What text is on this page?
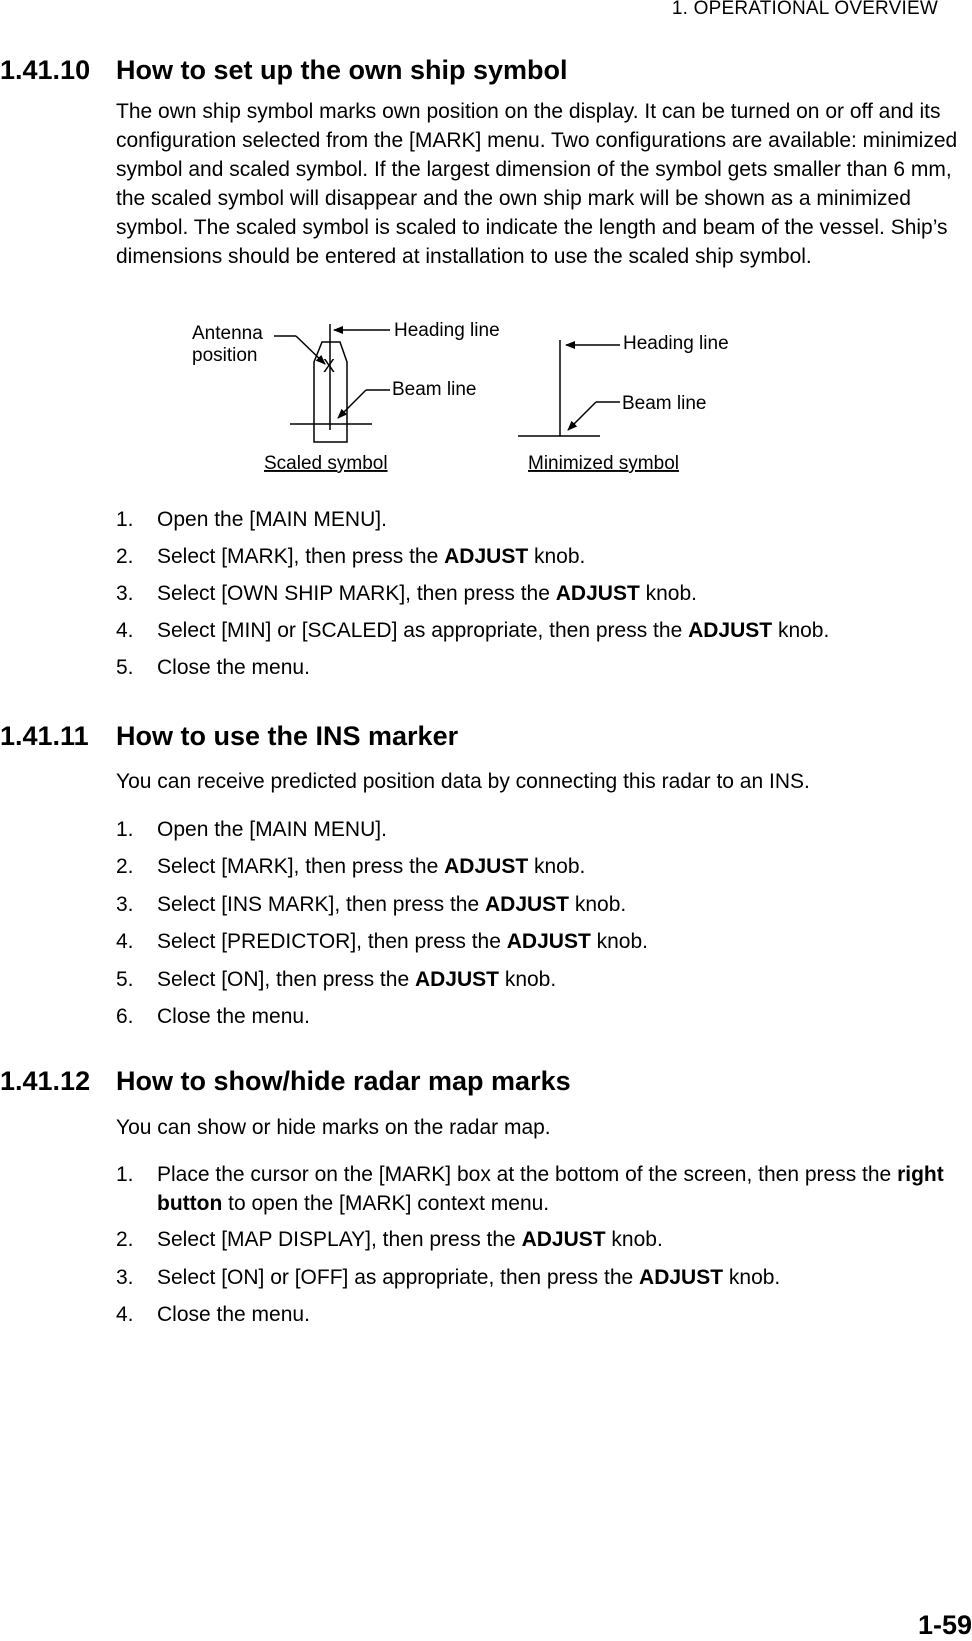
1. OPERATIONAL OVERVIEW
1.41.10 How to set up the own ship symbol

The own ship symbol marks own position on the display. It can be turned on or off and its configuration selected from the [MARK] menu. Two configurations are available: minimized symbol and scaled symbol. If the largest dimension of the symbol gets smaller than 6 mm, the scaled symbol will disappear and the own ship mark will be shown as a minimized symbol. The scaled symbol is scaled to indicate the length and beam of the vessel. Ship’s dimensions should be entered at installation to use the scaled ship symbol.

Antenna
position	X
Heading line
Beam line
Scaled symbol
Heading line
Beam line
Minimized symbol
1.	Open the [MAIN MENU].
2.	Select [MARK], then press the ADJUST knob.
3.	Select [OWN SHIP MARK], then press the ADJUST knob.
4.	Select [MIN] or [SCALED] as appropriate, then press the ADJUST knob.
5.	Close the menu.
1.41.11	How to use the INS marker

You can receive predicted position data by connecting this radar to an INS.

1.	Open the [MAIN MENU].
2.	Select [MARK], then press the ADJUST knob.
3.	Select [INS MARK], then press the ADJUST knob.
4.	Select [PREDICTOR], then press the ADJUST knob.
5.	Select [ON], then press the ADJUST knob.
6.	Close the menu.
1.41.12 How to show/hide radar map marks

You can show or hide marks on the radar map.

1.	Place the cursor on the [MARK] box at the bottom of the screen, then press the right button to open the [MARK] context menu.
2.	Select [MAP DISPLAY], then press the ADJUST knob.
3.	Select [ON] or [OFF] as appropriate, then press the ADJUST knob.
4.	Close the menu.
1-59
